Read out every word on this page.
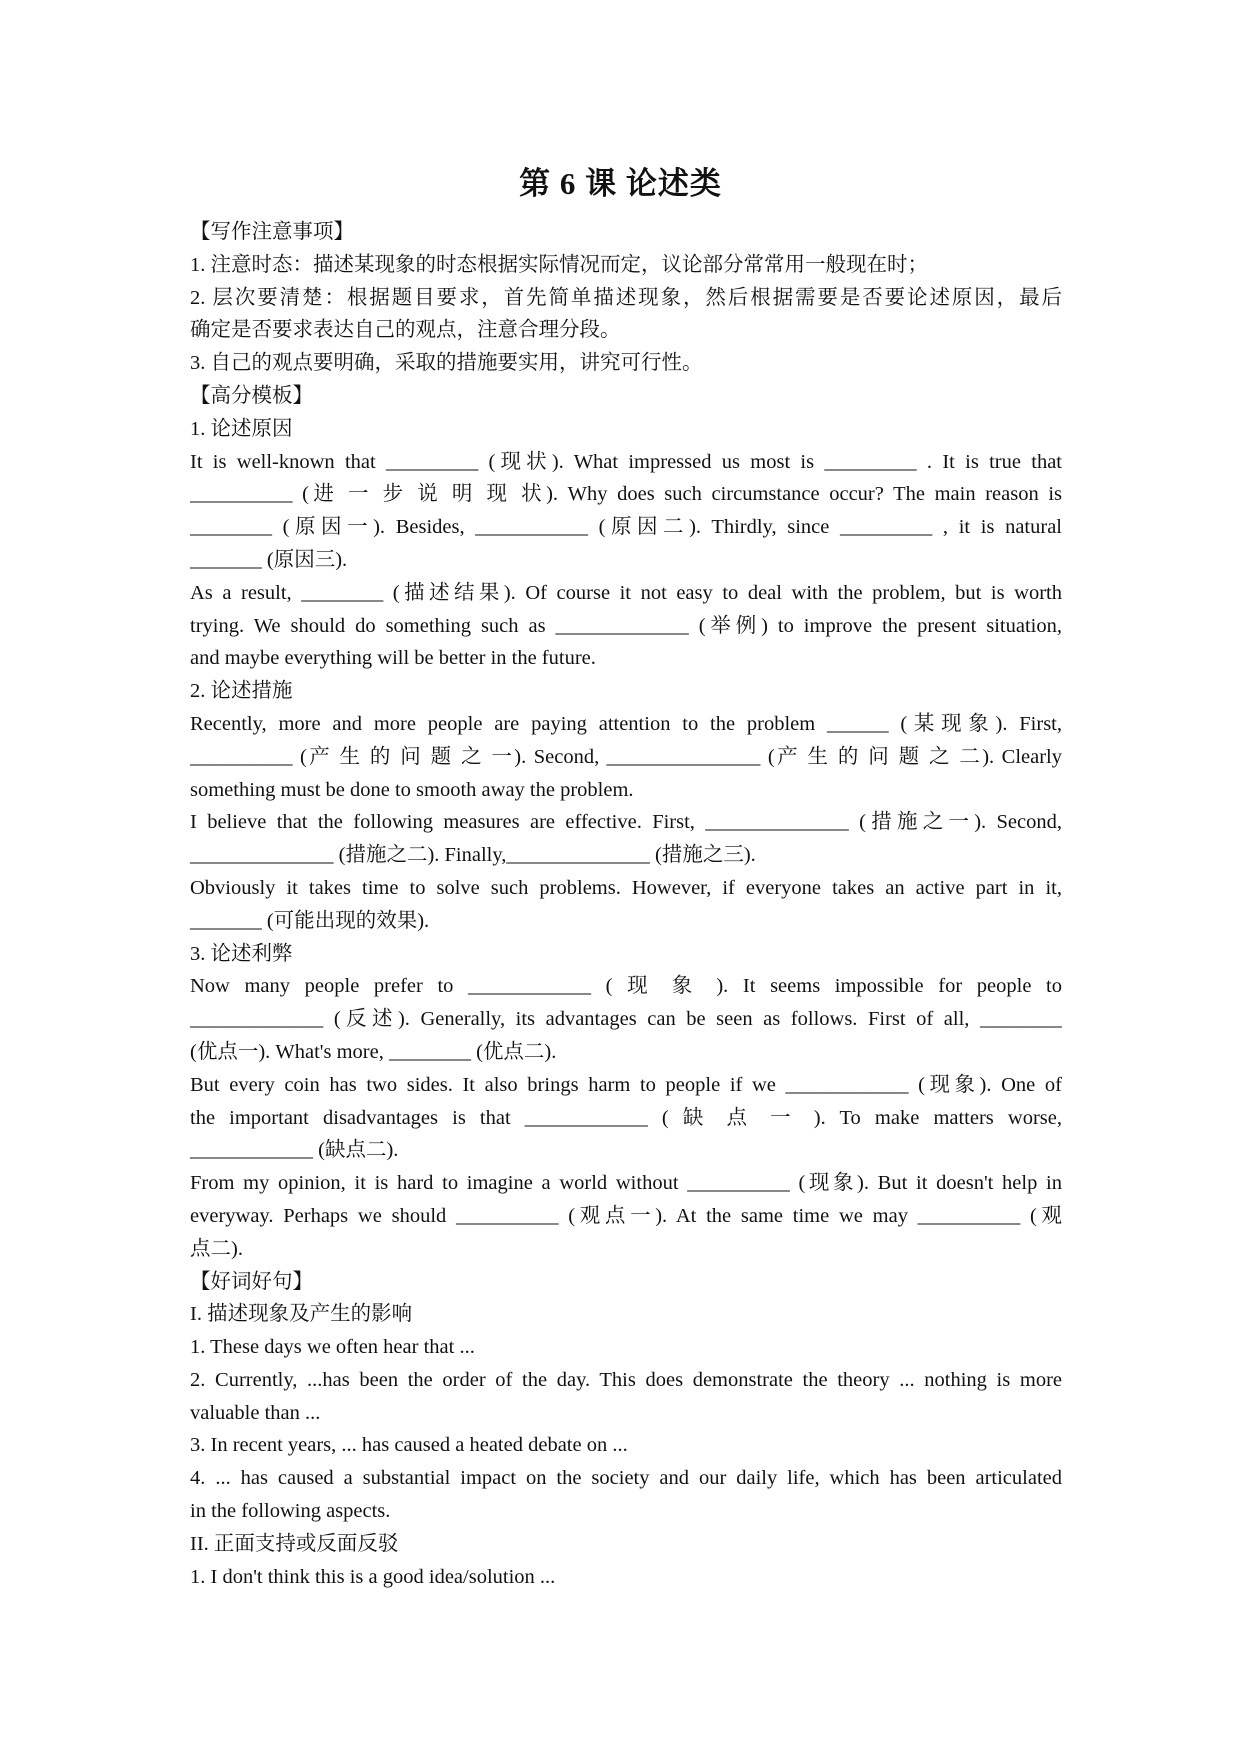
第 6 课 论述类
【写作注意事项】
1. 注意时态：描述某现象的时态根据实际情况而定，议论部分常常用一般现在时；
2. 层次要清楚：根据题目要求，首先简单描述现象，然后根据需要是否要论述原因，最后
确定是否要求表达自己的观点，注意合理分段。
3. 自己的观点要明确，采取的措施要实用，讲究可行性。
【高分模板】
1. 论述原因
It is well-known that _________ (现状). What impressed us most is _________ . It is true that
__________ (进 一 步 说 明 现 状). Why does such circumstance occur? The main reason is
________ (原因一). Besides, ___________ (原因二). Thirdly, since _________ , it is natural
_______ (原因三).
As a result, ________ (描述结果). Of course it not easy to deal with the problem, but is worth
trying. We should do something such as _____________ (举例) to improve the present situation,
and maybe everything will be better in the future.
2. 论述措施
Recently, more and more people are paying attention to the problem ______ (某现象). First,
__________ (产 生 的 问 题 之 一). Second, _______________ (产 生 的 问 题 之 二). Clearly
something must be done to smooth away the problem.
I believe that the following measures are effective. First, ______________ (措施之一). Second,
______________ (措施之二). Finally,______________ (措施之三).
Obviously it takes time to solve such problems. However, if everyone takes an active part in it,
_______ (可能出现的效果).
3. 论述利弊
Now many people prefer to ____________ ( 现 象 ). It seems impossible for people to
_____________ (反述). Generally, its advantages can be seen as follows. First of all, ________
(优点一). What's more, ________ (优点二).
But every coin has two sides. It also brings harm to people if we ____________ (现象). One of
the important disadvantages is that ____________ ( 缺 点 一 ). To make matters worse,
____________ (缺点二).
From my opinion, it is hard to imagine a world without __________ (现象). But it doesn't help in
everyway. Perhaps we should __________ (观点一). At the same time we may __________ (观
点二).
【好词好句】
I. 描述现象及产生的影响
1. These days we often hear that ...
2. Currently, ...has been the order of the day. This does demonstrate the theory ... nothing is more
valuable than ...
3. In recent years, ... has caused a heated debate on ...
4. ... has caused a substantial impact on the society and our daily life, which has been articulated
in the following aspects.
II. 正面支持或反面反驳
1. I don't think this is a good idea/solution ...
